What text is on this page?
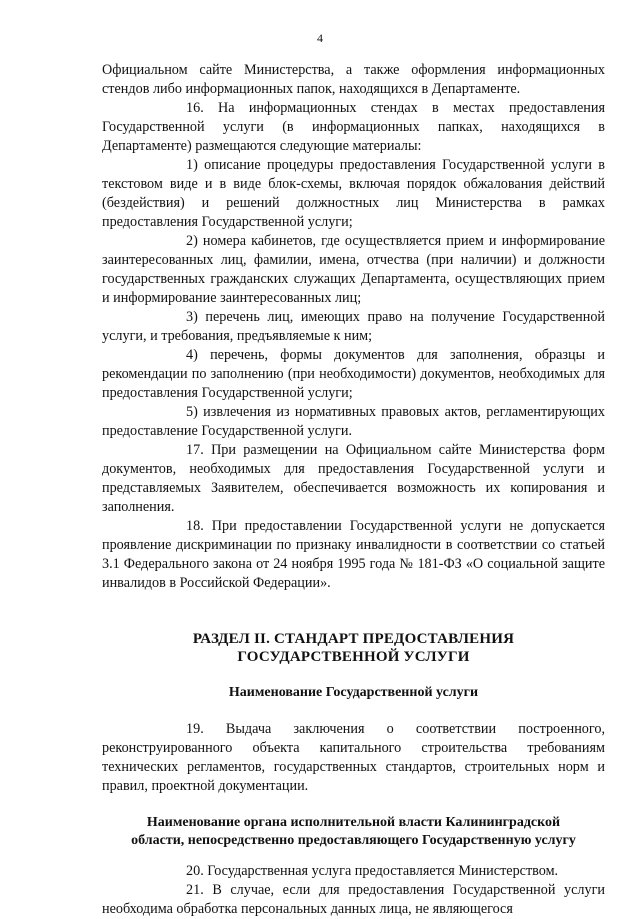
4

Официальном сайте Министерства, а также оформления информационных стендов либо информационных папок, находящихся в Департаменте.

16. На информационных стендах в местах предоставления Государственной услуги (в информационных папках, находящихся в Департаменте) размещаются следующие материалы:

1) описание процедуры предоставления Государственной услуги в текстовом виде и в виде блок-схемы, включая порядок обжалования действий (бездействия) и решений должностных лиц Министерства в рамках предоставления Государственной услуги;

2) номера кабинетов, где осуществляется прием и информирование заинтересованных лиц, фамилии, имена, отчества (при наличии) и должности государственных гражданских служащих Департамента, осуществляющих прием и информирование заинтересованных лиц;

3) перечень лиц, имеющих право на получение Государственной услуги, и требования, предъявляемые к ним;

4) перечень, формы документов для заполнения, образцы и рекомендации по заполнению (при необходимости) документов, необходимых для предоставления Государственной услуги;

5) извлечения из нормативных правовых актов, регламентирующих предоставление Государственной услуги.

17. При размещении на Официальном сайте Министерства форм документов, необходимых для предоставления Государственной услуги и представляемых Заявителем, обеспечивается возможность их копирования и заполнения.

18. При предоставлении Государственной услуги не допускается проявление дискриминации по признаку инвалидности в соответствии со статьей 3.1 Федерального закона от 24 ноября 1995 года № 181-ФЗ «О социальной защите инвалидов в Российской Федерации».

РАЗДЕЛ II. СТАНДАРТ ПРЕДОСТАВЛЕНИЯ
ГОСУДАРСТВЕННОЙ УСЛУГИ
Наименование Государственной услуги

19. Выдача заключения о соответствии построенного, реконструированного объекта капитального строительства требованиям технических регламентов, государственных стандартов, строительных норм и правил, проектной документации.

Наименование органа исполнительной власти Калининградской
области, непосредственно предоставляющего Государственную услугу

20. Государственная услуга предоставляется Министерством.

21. В случае, если для предоставления Государственной услуги необходима обработка персональных данных лица, не являющегося
